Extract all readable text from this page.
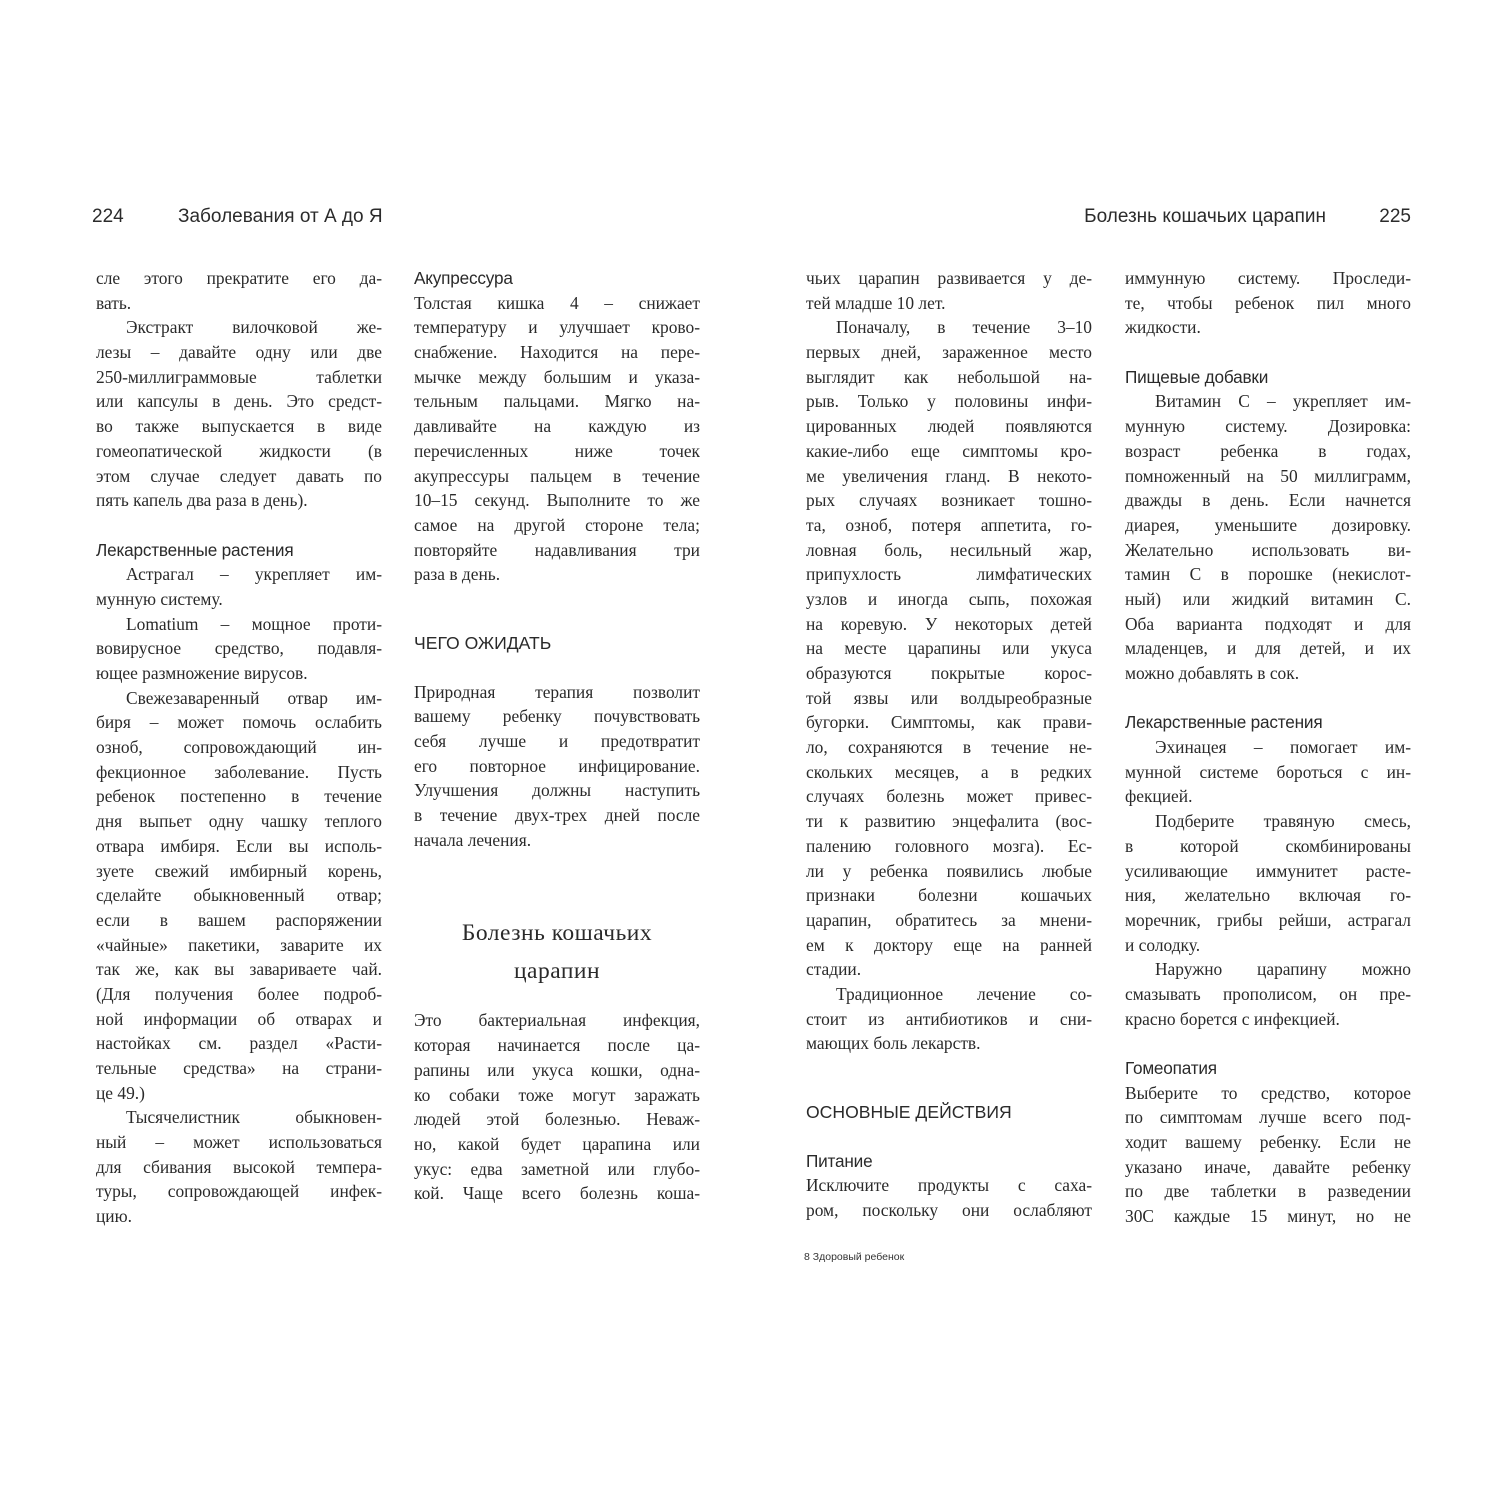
224	Заболевания от А до Я	Болезнь кошачьих царапин	225
сле этого прекратите его да-
вать.
Экстракт вилочковой же-
лезы – давайте одну или две
250-миллиграммовые таблетки
или капсулы в день. Это средст-
во также выпускается в виде
гомеопатической жидкости (в
этом случае следует давать по
пять капель два раза в день).
Лекарственные растения
Астрагал – укрепляет им-
мунную систему.
Lomatium – мощное проти-
вовирусное средство, подавля-
ющее размножение вирусов.
Свежезаваренный отвар им-
биря – может помочь ослабить
озноб, сопровождающий ин-
фекционное заболевание. Пусть
ребенок постепенно в течение
дня выпьет одну чашку теплого
отвара имбиря. Если вы исполь-
зуете свежий имбирный корень,
сделайте обыкновенный отвар;
если в вашем распоряжении
«чайные» пакетики, заварите их
так же, как вы завариваете чай.
(Для получения более подроб-
ной информации об отварах и
настойках см. раздел «Расти-
тельные средства» на страни-
це 49.)
Тысячелистник обыкновен-
ный – может использоваться
для сбивания высокой темпера-
туры, сопровождающей инфек-
цию.
Акупрессура
Толстая кишка 4 – снижает
температуру и улучшает крово-
снабжение. Находится на пере-
мычке между большим и указа-
тельным пальцами. Мягко на-
давливайте на каждую из
перечисленных ниже точек
акупрессуры пальцем в течение
10–15 секунд. Выполните то же
самое на другой стороне тела;
повторяйте надавливания три
раза в день.
ЧЕГО ОЖИДАТЬ
Природная терапия позволит
вашему ребенку почувствовать
себя лучше и предотвратит
его повторное инфицирование.
Улучшения должны наступить
в течение двух-трех дней после
начала лечения.
Болезнь кошачьих
царапин
Это бактериальная инфекция,
которая начинается после ца-
рапины или укуса кошки, одна-
ко собаки тоже могут заражать
людей этой болезнью. Неваж-
но, какой будет царапина или
укус: едва заметной или глубо-
кой. Чаще всего болезнь коша-
чьих царапин развивается у де-
тей младше 10 лет.
Поначалу, в течение 3–10
первых дней, зараженное место
выглядит как небольшой на-
рыв. Только у половины инфи-
цированных людей появляются
какие-либо еще симптомы кро-
ме увеличения гланд. В некото-
рых случаях возникает тошно-
та, озноб, потеря аппетита, го-
ловная боль, несильный жар,
припухлость лимфатических
узлов и иногда сыпь, похожая
на коревую. У некоторых детей
на месте царапины или укуса
образуются покрытые корос-
той язвы или волдыреобразные
бугорки. Симптомы, как прави-
ло, сохраняются в течение не-
скольких месяцев, а в редких
случаях болезнь может привес-
ти к развитию энцефалита (вос-
палению головного мозга). Ес-
ли у ребенка появились любые
признаки болезни кошачьих
царапин, обратитесь за мнени-
ем к доктору еще на ранней
стадии.
Традиционное лечение со-
стоит из антибиотиков и сни-
мающих боль лекарств.
ОСНОВНЫЕ ДЕЙСТВИЯ
Питание
Исключите продукты с саха-
ром, поскольку они ослабляют
иммунную систему. Проследи-
те, чтобы ребенок пил много
жидкости.
Пищевые добавки
Витамин С – укрепляет им-
мунную систему. Дозировка:
возраст ребенка в годах,
помноженный на 50 миллиграмм,
дважды в день. Если начнется
диарея, уменьшите дозировку.
Желательно использовать ви-
тамин С в порошке (некислот-
ный) или жидкий витамин С.
Оба варианта подходят и для
младенцев, и для детей, и их
можно добавлять в сок.
Лекарственные растения
Эхинацея – помогает им-
мунной системе бороться с ин-
фекцией.
Подберите травяную смесь,
в которой скомбинированы
усиливающие иммунитет расте-
ния, желательно включая го-
моречник, грибы рейши, астрагал
и солодку.
Наружно царапину можно
смазывать прополисом, он пре-
красно борется с инфекцией.
Гомеопатия
Выберите то средство, которое
по симптомам лучше всего под-
ходит вашему ребенку. Если не
указано иначе, давайте ребенку
по две таблетки в разведении
30С каждые 15 минут, но не
8 Здоровый ребенок
